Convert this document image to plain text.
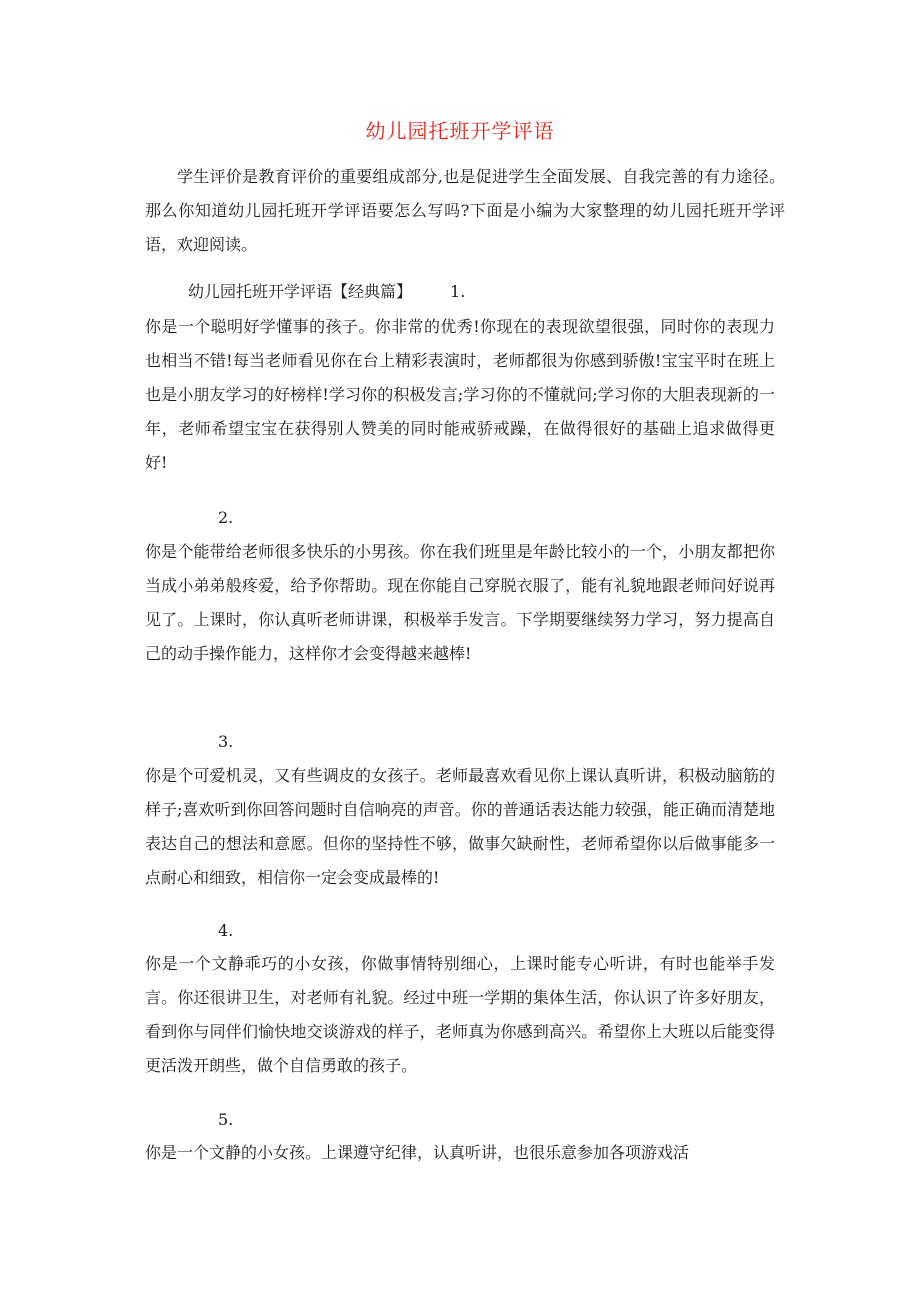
幼儿园托班开学评语
学生评价是教育评价的重要组成部分,也是促进学生全面发展、自我完善的有力途径。那么你知道幼儿园托班开学评语要怎么写吗?下面是小编为大家整理的幼儿园托班开学评语，欢迎阅读。
幼儿园托班开学评语【经典篇】 1.
你是一个聪明好学懂事的孩子。你非常的优秀!你现在的表现欲望很强，同时你的表现力也相当不错!每当老师看见你在台上精彩表演时，老师都很为你感到骄傲!宝宝平时在班上也是小朋友学习的好榜样!学习你的积极发言;学习你的不懂就问;学习你的大胆表现新的一年，老师希望宝宝在获得别人赞美的同时能戒骄戒躁，在做得很好的基础上追求做得更好!
2.
你是个能带给老师很多快乐的小男孩。你在我们班里是年龄比较小的一个，小朋友都把你当成小弟弟般疼爱，给予你帮助。现在你能自己穿脱衣服了，能有礼貌地跟老师问好说再见了。上课时，你认真听老师讲课，积极举手发言。下学期要继续努力学习，努力提高自己的动手操作能力，这样你才会变得越来越棒!
3.
你是个可爱机灵，又有些调皮的女孩子。老师最喜欢看见你上课认真听讲，积极动脑筋的样子;喜欢听到你回答问题时自信响亮的声音。你的普通话表达能力较强，能正确而清楚地表达自己的想法和意愿。但你的坚持性不够，做事欠缺耐性，老师希望你以后做事能多一点耐心和细致，相信你一定会变成最棒的!
4.
你是一个文静乖巧的小女孩，你做事情特别细心，上课时能专心听讲，有时也能举手发言。你还很讲卫生，对老师有礼貌。经过中班一学期的集体生活，你认识了许多好朋友，看到你与同伴们愉快地交谈游戏的样子，老师真为你感到高兴。希望你上大班以后能变得更活泼开朗些，做个自信勇敢的孩子。
5.
你是一个文静的小女孩。上课遵守纪律，认真听讲，也很乐意参加各项游戏活
